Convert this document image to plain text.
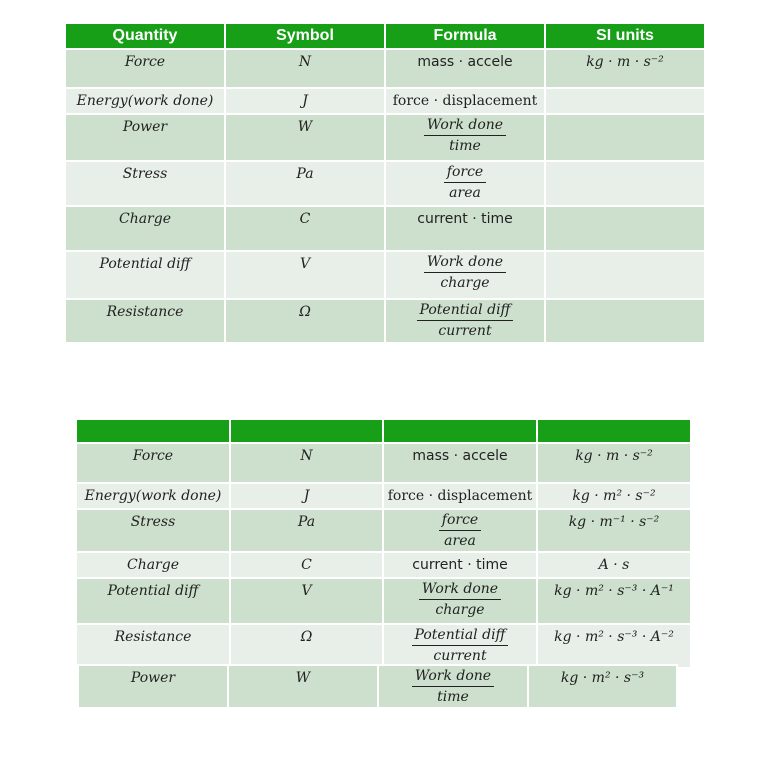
Quantity	Symbol	Formula	SI units

Force	N	mass · accele	kg · m · s⁻²

Energy(work done)	J	force · displacement	

Power	W	$\frac{\text{Work done}}{\text{time}}$

Stress	Pa	$\frac{\text{force}}{\text{area}}$

Charge	C	current · time	

Potential diff	V	$\frac{\text{Work done}}{\text{charge}}$

Resistance	Ω	$\frac{\text{Potential diff}}{\text{current}}$

Force	N	mass · accele	kg · m · s⁻²

Energy(work done)	J	force · displacement	kg · m² · s⁻²

Stress	Pa	$\frac{\text{force}}{\text{area}}$	kg · m⁻¹ · s⁻²

Charge	C	current · time	A · s

Potential diff	V	$\frac{\text{Work done}}{\text{charge}}$	kg · m² · s⁻³ · A⁻¹

Resistance	Ω	$\frac{\text{Potential diff}}{\text{current}}$	kg · m² · s⁻³ · A⁻²
Power	W	$\frac{\text{Work done}}{\text{time}}$	kg · m² · s⁻³
